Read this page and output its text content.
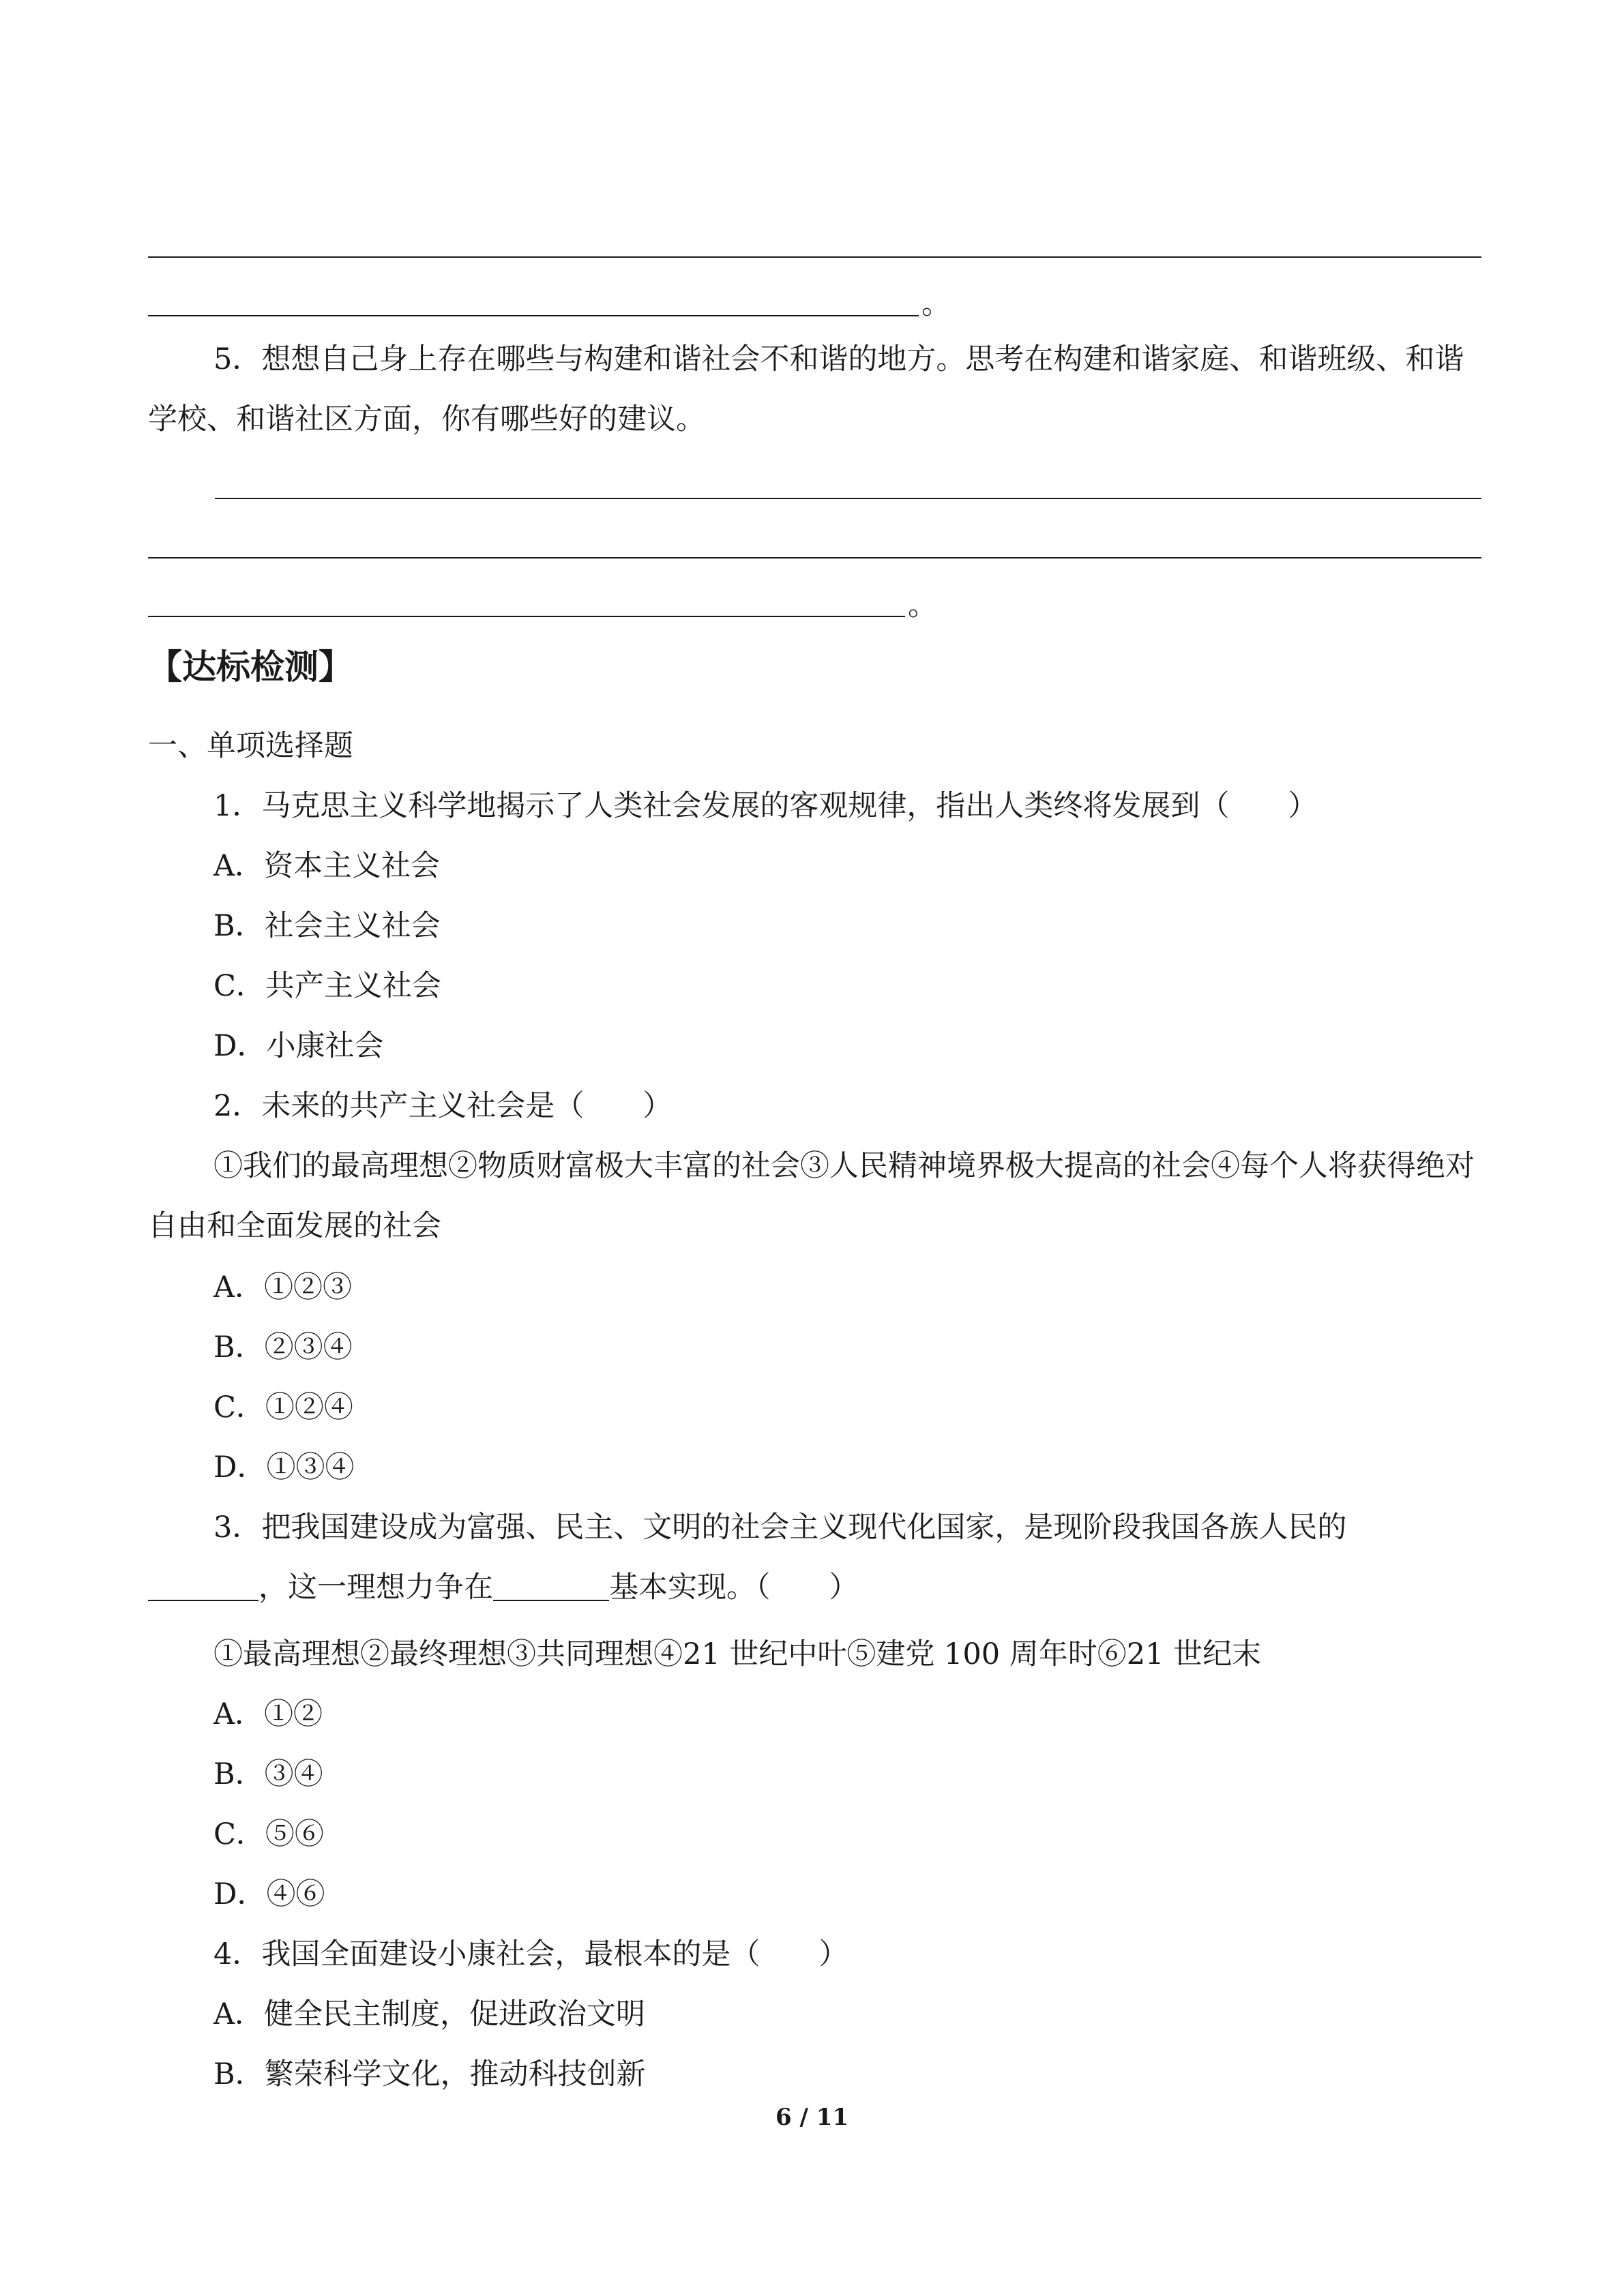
。
5．想想自己身上存在哪些与构建和谐社会不和谐的地方。思考在构建和谐家庭、和谐班级、和谐学校、和谐社区方面，你有哪些好的建议。
。
【达标检测】
一、单项选择题
1．马克思主义科学地揭示了人类社会发展的客观规律，指出人类终将发展到（　　）
A．资本主义社会
B．社会主义社会
C．共产主义社会
D．小康社会
2．未来的共产主义社会是（　　）
①我们的最高理想②物质财富极大丰富的社会③人民精神境界极大提高的社会④每个人将获得绝对自由和全面发展的社会
A．①②③
B．②③④
C．①②④
D．①③④
3．把我国建设成为富强、民主、文明的社会主义现代化国家，是现阶段我国各族人民的
，这一理想力争在	基本实现。（　　）
①最高理想②最终理想③共同理想④21 世纪中叶⑤建党 100 周年时⑥21 世纪末
A．①②
B．③④
C．⑤⑥
D．④⑥
4．我国全面建设小康社会，最根本的是（　　）
A．健全民主制度，促进政治文明
B．繁荣科学文化，推动科技创新
6 / 11
